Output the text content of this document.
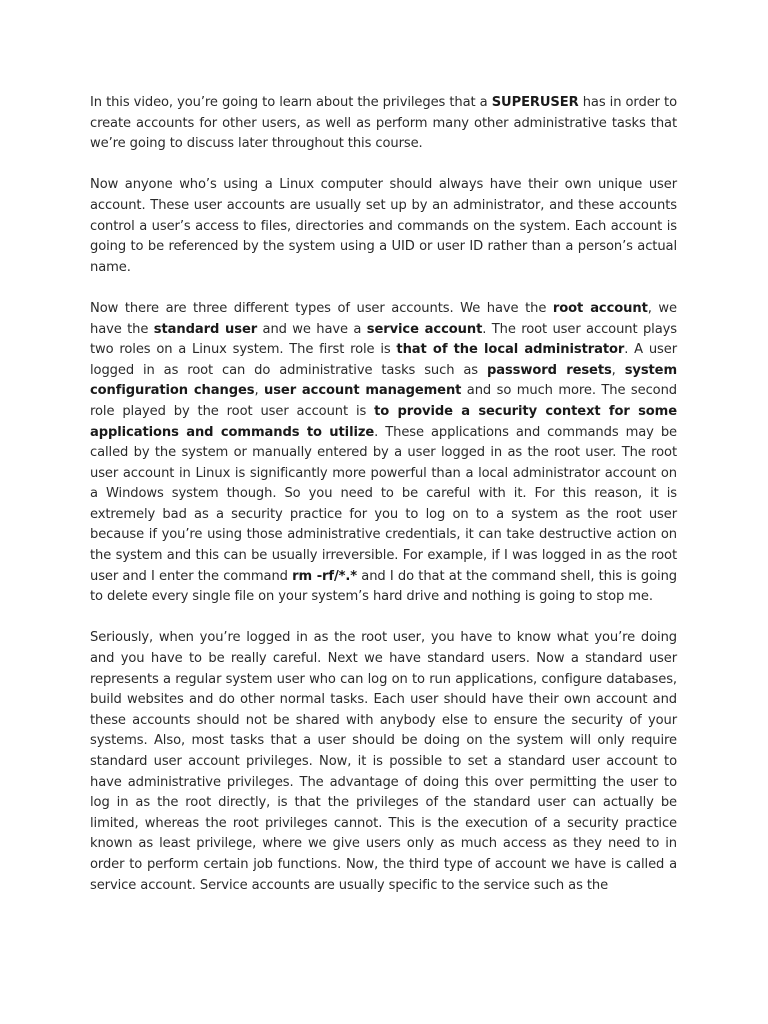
In this video, you’re going to learn about the privileges that a SUPERUSER has in order to create accounts for other users, as well as perform many other administrative tasks that we’re going to discuss later throughout this course.

Now anyone who’s using a Linux computer should always have their own unique user account. These user accounts are usually set up by an administrator, and these accounts control a user’s access to files, directories and commands on the system. Each account is going to be referenced by the system using a UID or user ID rather than a person’s actual name.

Now there are three different types of user accounts. We have the root account, we have the standard user and we have a service account. The root user account plays two roles on a Linux system. The first role is that of the local administrator. A user logged in as root can do administrative tasks such as password resets, system configuration changes, user account management and so much more. The second role played by the root user account is to provide a security context for some applications and commands to utilize. These applications and commands may be called by the system or manually entered by a user logged in as the root user. The root user account in Linux is significantly more powerful than a local administrator account on a Windows system though. So you need to be careful with it. For this reason, it is extremely bad as a security practice for you to log on to a system as the root user because if you’re using those administrative credentials, it can take destructive action on the system and this can be usually irreversible. For example, if I was logged in as the root user and I enter the command rm -rf/*.* and I do that at the command shell, this is going to delete every single file on your system’s hard drive and nothing is going to stop me.

Seriously, when you’re logged in as the root user, you have to know what you’re doing and you have to be really careful. Next we have standard users. Now a standard user represents a regular system user who can log on to run applications, configure databases, build websites and do other normal tasks. Each user should have their own account and these accounts should not be shared with anybody else to ensure the security of your systems. Also, most tasks that a user should be doing on the system will only require standard user account privileges. Now, it is possible to set a standard user account to have administrative privileges. The advantage of doing this over permitting the user to log in as the root directly, is that the privileges of the standard user can actually be limited, whereas the root privileges cannot. This is the execution of a security practice known as least privilege, where we give users only as much access as they need to in order to perform certain job functions. Now, the third type of account we have is called a service account. Service accounts are usually specific to the service such as the
